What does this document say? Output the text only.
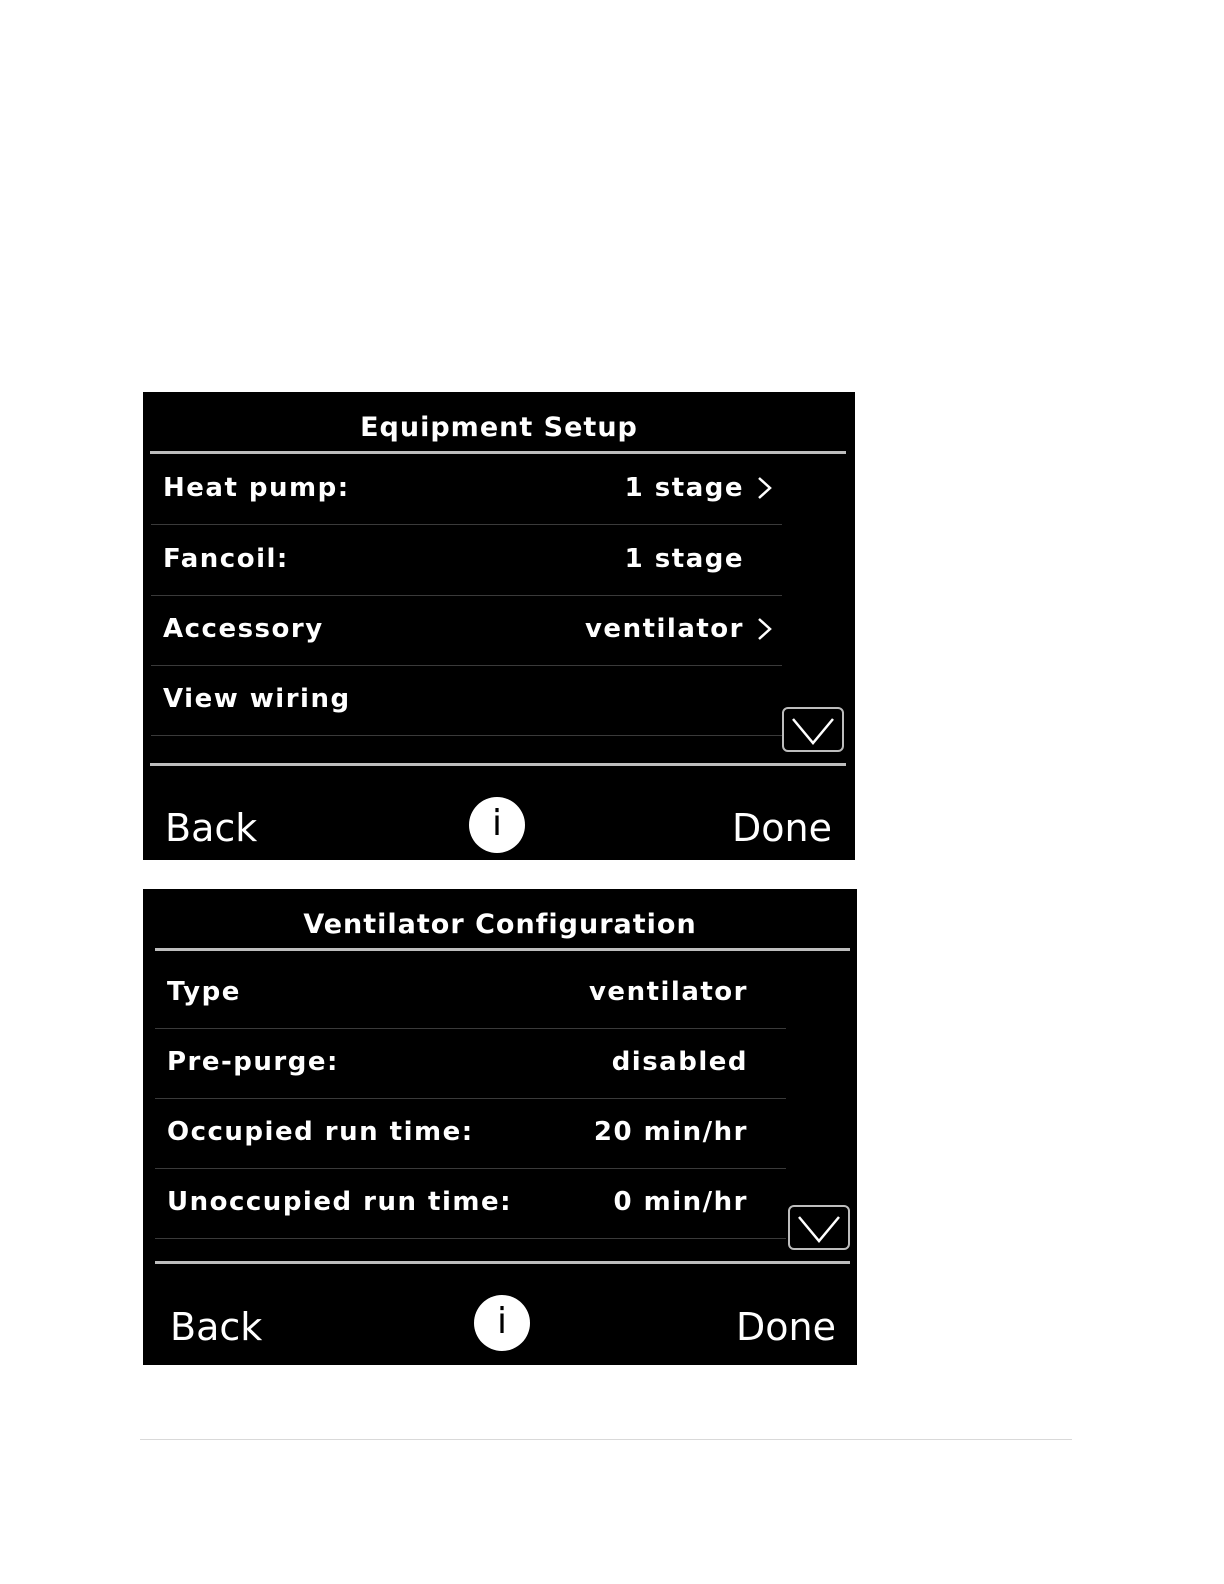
Equipment Setup
Heat pump:	1 stage
Fancoil:	1 stage
Accessory	ventilator
View wiring
Back	i	Done
Ventilator Configuration
Type	ventilator
Pre-purge:	disabled
Occupied run time:	20 min/hr
Unoccupied run time:	0 min/hr
Back	i	Done
